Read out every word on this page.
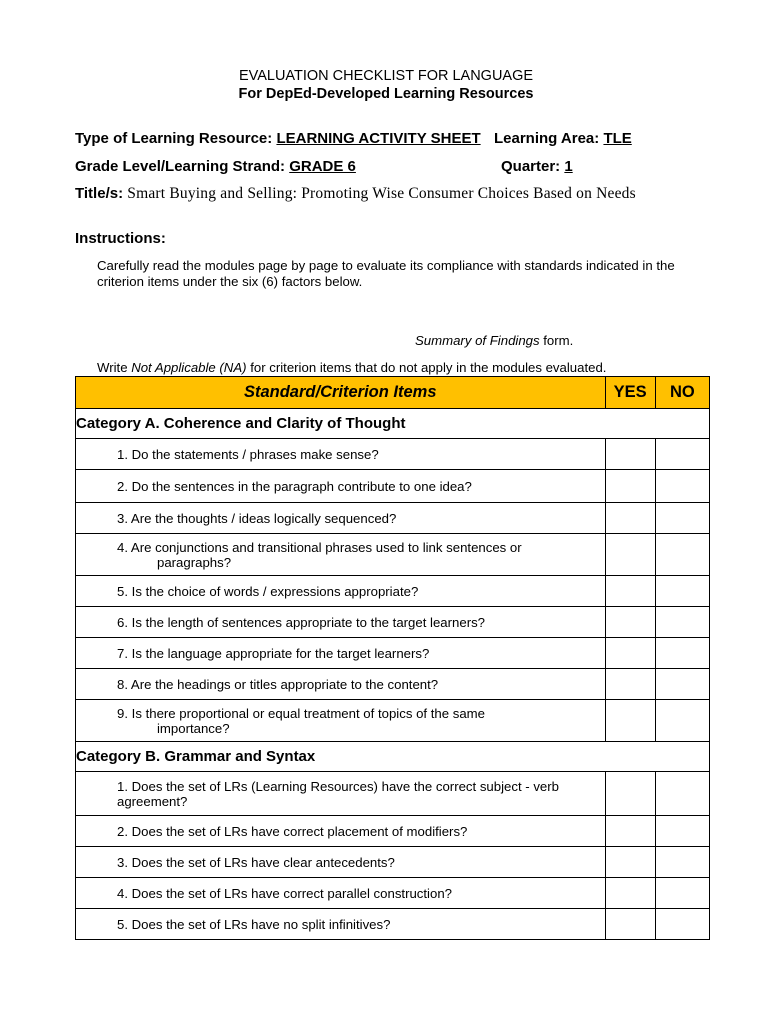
EVALUATION CHECKLIST FOR LANGUAGE
For DepEd-Developed Learning Resources
Type of Learning Resource: LEARNING ACTIVITY SHEET Learning Area: TLE
Grade Level/Learning Strand: GRADE 6	Quarter: 1
Title/s: Smart Buying and Selling: Promoting Wise Consumer Choices Based on Needs
Instructions:
Carefully read the modules page by page to evaluate its compliance with standards indicated in the criterion items under the six (6) factors below.
Summary of Findings form.
Write Not Applicable (NA) for criterion items that do not apply in the modules evaluated.
Standard/Criterion Items	YES	NO
Category A. Coherence and Clarity of Thought		
1. Do the statements / phrases make sense?		
2. Do the sentences in the paragraph contribute to one idea?		
3. Are the thoughts / ideas logically sequenced?		
4. Are conjunctions and transitional phrases used to link sentences or
paragraphs?		

5. Is the choice of words / expressions appropriate?		
6. Is the length of sentences appropriate to the target learners?		
7. Is the language appropriate for the target learners?		
8. Are the headings or titles appropriate to the content?		
9. Is there proportional or equal treatment of topics of the same
importance?		

Category B. Grammar and Syntax		
1. Does the set of LRs (Learning Resources) have the correct subject - verb agreement?		
2. Does the set of LRs have correct placement of modifiers?		
3. Does the set of LRs have clear antecedents?		
4. Does the set of LRs have correct parallel construction?		
5. Does the set of LRs have no split infinitives?		
